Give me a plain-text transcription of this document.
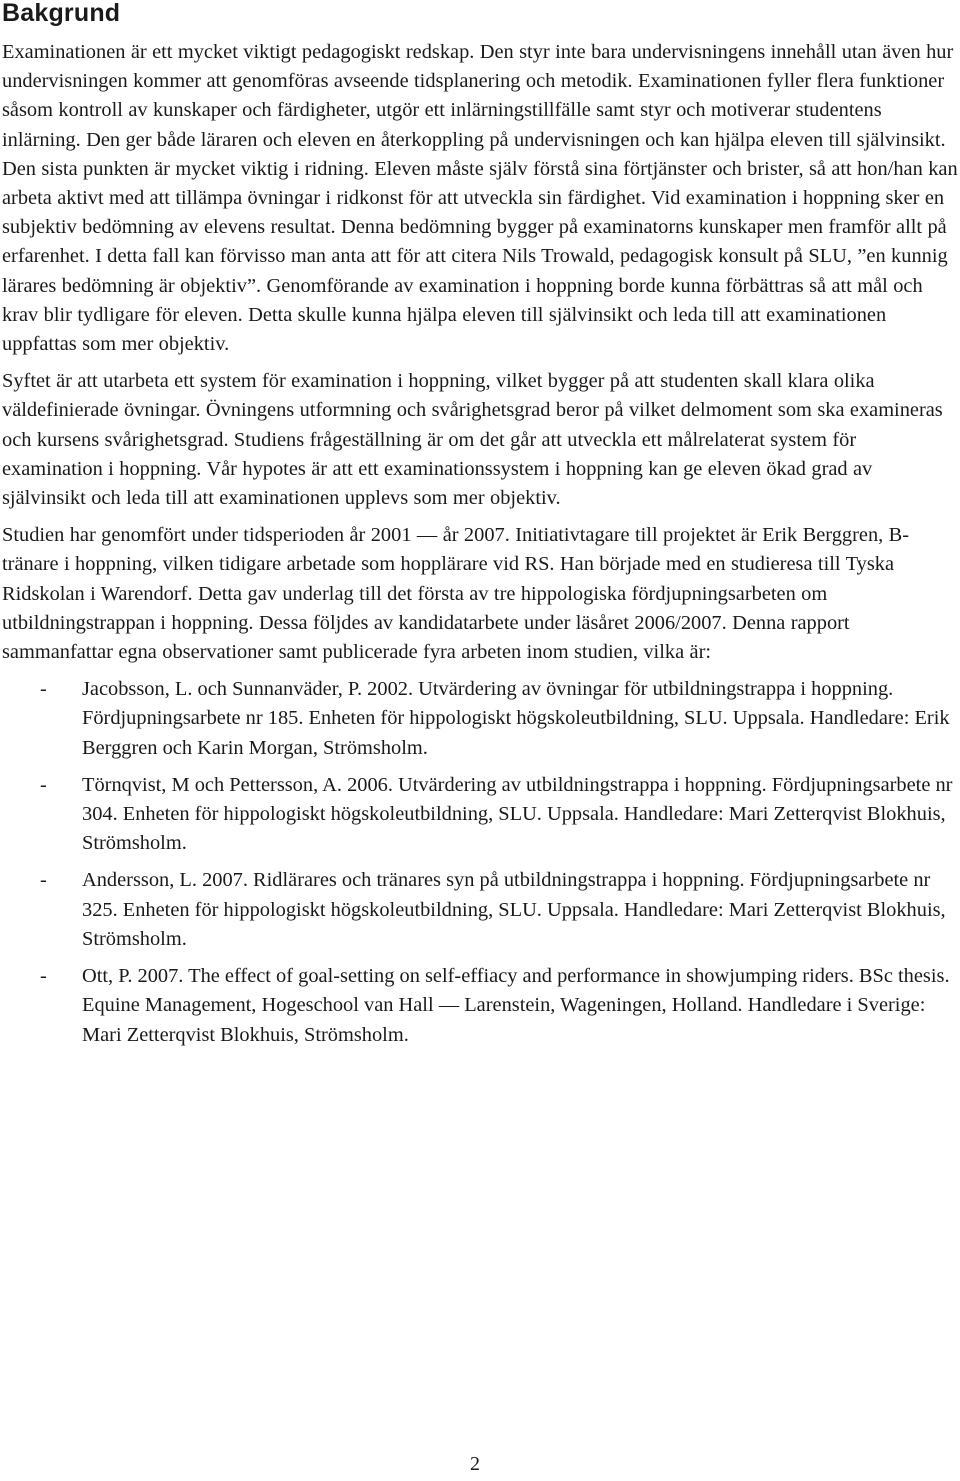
Bakgrund

Examinationen är ett mycket viktigt pedagogiskt redskap. Den styr inte bara undervisningens innehåll utan även hur undervisningen kommer att genomföras avseende tidsplanering och metodik. Examinationen fyller flera funktioner såsom kontroll av kunskaper och färdigheter, utgör ett inlärningstillfälle samt styr och motiverar studentens inlärning. Den ger både läraren och eleven en återkoppling på undervisningen och kan hjälpa eleven till självinsikt. Den sista punkten är mycket viktig i ridning. Eleven måste själv förstå sina förtjänster och brister, så att hon/han kan arbeta aktivt med att tillämpa övningar i ridkonst för att utveckla sin färdighet. Vid examination i hoppning sker en subjektiv bedömning av elevens resultat. Denna bedömning bygger på examinatorns kunskaper men framför allt på erfarenhet. I detta fall kan förvisso man anta att för att citera Nils Trowald, pedagogisk konsult på SLU, ”en kunnig lärares bedömning är objektiv”. Genomförande av examination i hoppning borde kunna förbättras så att mål och krav blir tydligare för eleven. Detta skulle kunna hjälpa eleven till självinsikt och leda till att examinationen uppfattas som mer objektiv.

Syftet är att utarbeta ett system för examination i hoppning, vilket bygger på att studenten skall klara olika väldefinierade övningar. Övningens utformning och svårighetsgrad beror på vilket delmoment som ska examineras och kursens svårighetsgrad. Studiens frågeställning är om det går att utveckla ett målrelaterat system för examination i hoppning. Vår hypotes är att ett examinationssystem i hoppning kan ge eleven ökad grad av självinsikt och leda till att examinationen upplevs som mer objektiv.

Studien har genomfört under tidsperioden år 2001 — år 2007. Initiativtagare till projektet är Erik Berggren, B-tränare i hoppning, vilken tidigare arbetade som hopplärare vid RS. Han började med en studieresa till Tyska Ridskolan i Warendorf. Detta gav underlag till det första av tre hippologiska fördjupningsarbeten om utbildningstrappan i hoppning. Dessa följdes av kandidatarbete under läsåret 2006/2007. Denna rapport sammanfattar egna observationer samt publicerade fyra arbeten inom studien, vilka är:

- Jacobsson, L. och Sunnanväder, P. 2002. Utvärdering av övningar för utbildningstrappa i hoppning. Fördjupningsarbete nr 185. Enheten för hippologiskt högskoleutbildning, SLU. Uppsala. Handledare: Erik Berggren och Karin Morgan, Strömsholm.
- Törnqvist, M och Pettersson, A. 2006. Utvärdering av utbildningstrappa i hoppning. Fördjupningsarbete nr 304. Enheten för hippologiskt högskoleutbildning, SLU. Uppsala. Handledare: Mari Zetterqvist Blokhuis, Strömsholm.
- Andersson, L. 2007. Ridlärares och tränares syn på utbildningstrappa i hoppning. Fördjupningsarbete nr 325. Enheten för hippologiskt högskoleutbildning, SLU. Uppsala. Handledare: Mari Zetterqvist Blokhuis, Strömsholm.
- Ott, P. 2007. The effect of goal-setting on self-effiacy and performance in showjumping riders. BSc thesis. Equine Management, Hogeschool van Hall — Larenstein, Wageningen, Holland. Handledare i Sverige: Mari Zetterqvist Blokhuis, Strömsholm.
2
